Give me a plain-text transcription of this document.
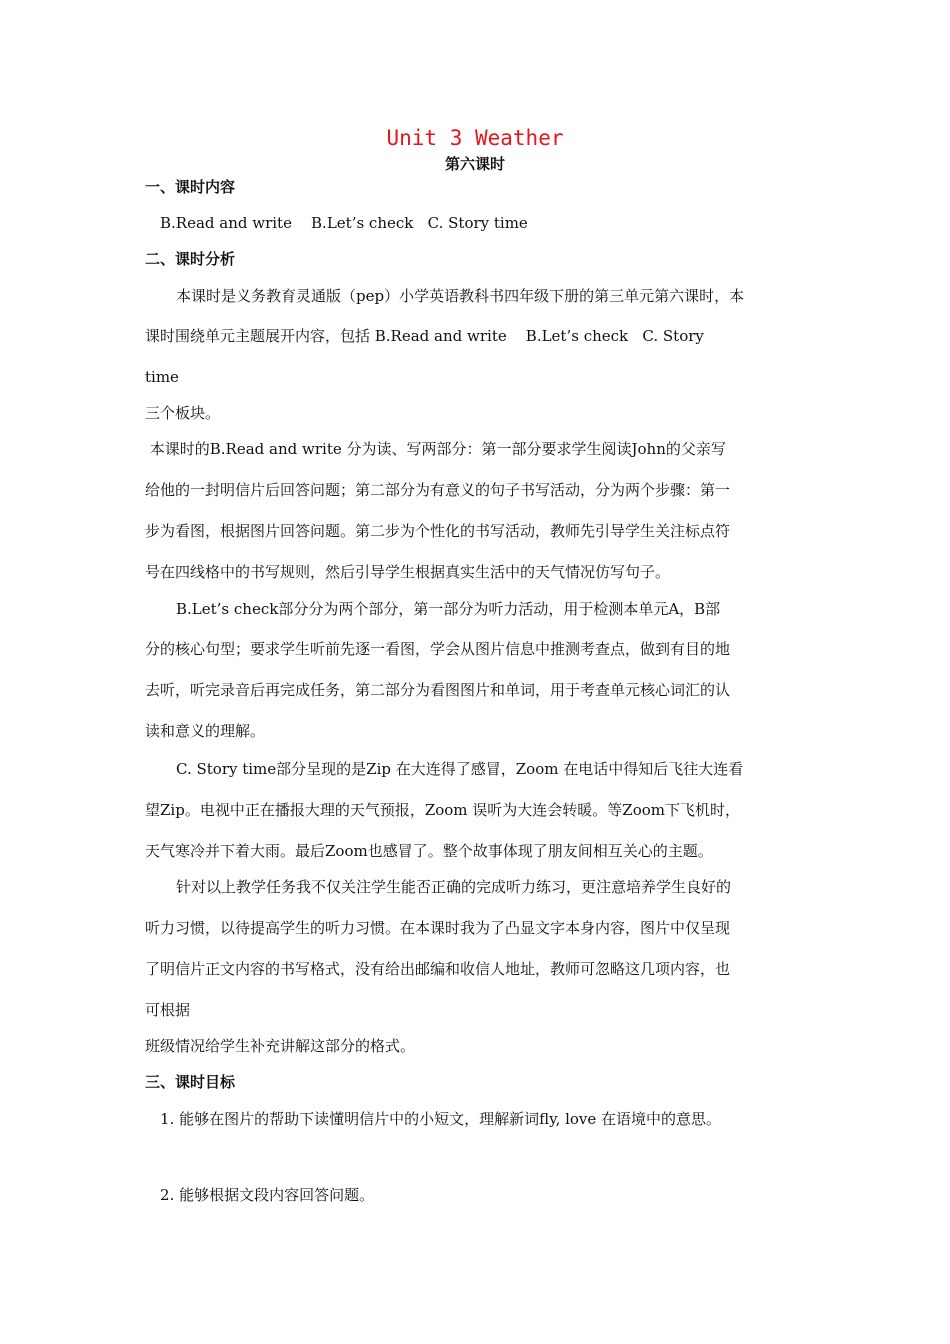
Unit 3 Weather
第六课时
一、课时内容
B.Read and write    B.Let’s check   C. Story time
二、课时分析
本课时是义务教育灵通版（pep）小学英语教科书四年级下册的第三单元第六课时，本
课时围绕单元主题展开内容，包括 B.Read and write    B.Let’s check   C. Story
time
三个板块。
本课时的B.Read and write 分为读、写两部分：第一部分要求学生阅读John的父亲写
给他的一封明信片后回答问题；第二部分为有意义的句子书写活动，分为两个步骤：第一
步为看图，根据图片回答问题。第二步为个性化的书写活动，教师先引导学生关注标点符
号在四线格中的书写规则，然后引导学生根据真实生活中的天气情况仿写句子。
B.Let’s check部分分为两个部分，第一部分为听力活动，用于检测本单元A，B部
分的核心句型；要求学生听前先逐一看图，学会从图片信息中推测考查点，做到有目的地
去听，听完录音后再完成任务，第二部分为看图图片和单词，用于考查单元核心词汇的认
读和意义的理解。
C. Story time部分呈现的是Zip 在大连得了感冒，Zoom 在电话中得知后飞往大连看
望Zip。电视中正在播报大理的天气预报，Zoom 误听为大连会转暖。等Zoom下飞机时，
天气寒冷并下着大雨。最后Zoom也感冒了。整个故事体现了朋友间相互关心的主题。
针对以上教学任务我不仅关注学生能否正确的完成听力练习，更注意培养学生良好的
听力习惯，以待提高学生的听力习惯。在本课时我为了凸显文字本身内容，图片中仅呈现
了明信片正文内容的书写格式，没有给出邮编和收信人地址，教师可忽略这几项内容，也
可根据
班级情况给学生补充讲解这部分的格式。
三、课时目标
1. 能够在图片的帮助下读懂明信片中的小短文，理解新词fly, love 在语境中的意思。
2. 能够根据文段内容回答问题。
